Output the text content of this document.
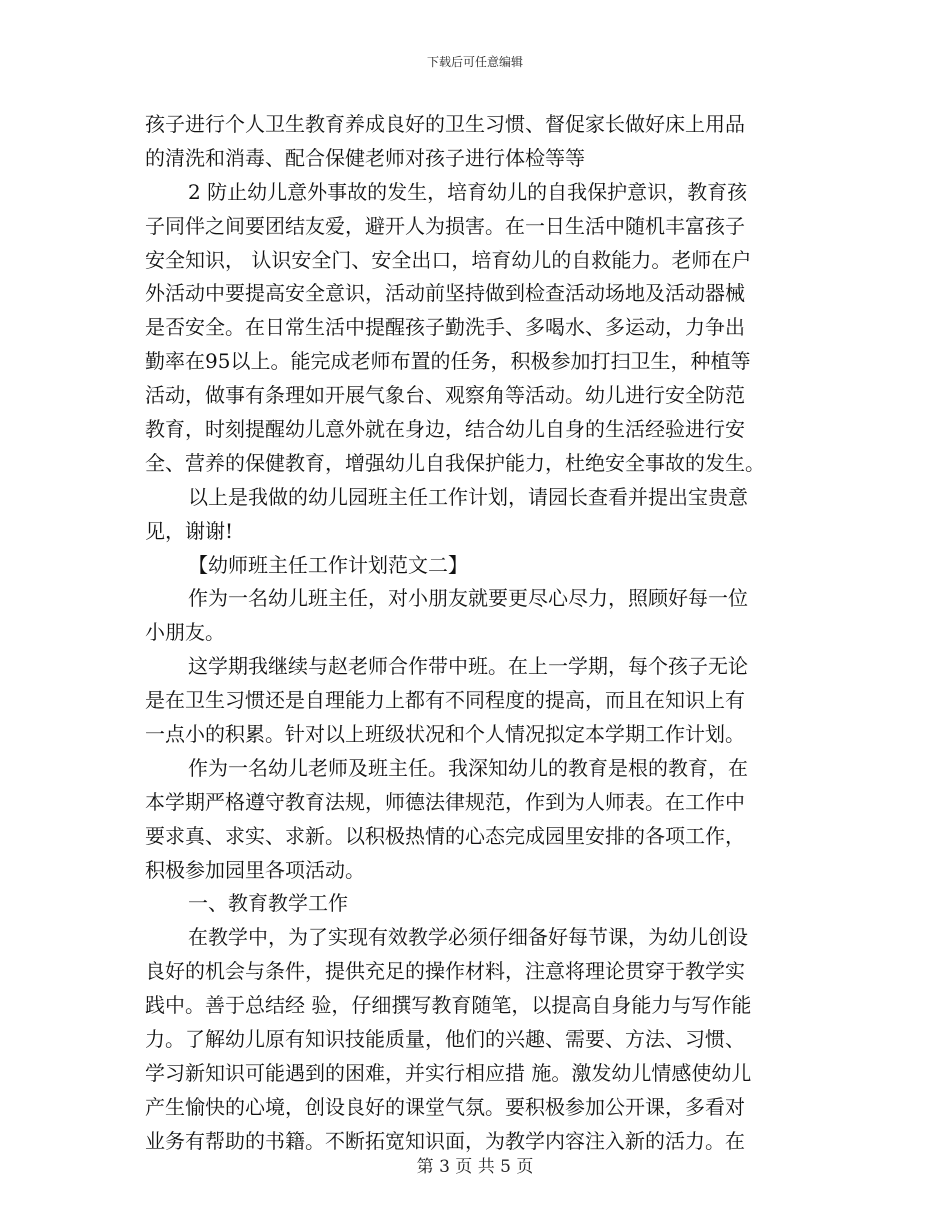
下载后可任意编辑
孩子进行个人卫生教育养成良好的卫生习惯、督促家长做好床上用品
的清洗和消毒、配合保健老师对孩子进行体检等等
2 防止幼儿意外事故的发生，培育幼儿的自我保护意识，教育孩
子同伴之间要团结友爱，避开人为损害。在一日生活中随机丰富孩子
安全知识， 认识安全门、安全出口，培育幼儿的自救能力。老师在户
外活动中要提高安全意识，活动前坚持做到检查活动场地及活动器械
是否安全。在日常生活中提醒孩子勤洗手、多喝水、多运动，力争出
勤率在95以上。能完成老师布置的任务，积极参加打扫卫生，种植等
活动，做事有条理如开展气象台、观察角等活动。幼儿进行安全防范
教育，时刻提醒幼儿意外就在身边，结合幼儿自身的生活经验进行安
全、营养的保健教育，增强幼儿自我保护能力，杜绝安全事故的发生。
以上是我做的幼儿园班主任工作计划，请园长查看并提出宝贵意
见，谢谢!
【幼师班主任工作计划范文二】
作为一名幼儿班主任，对小朋友就要更尽心尽力，照顾好每一位
小朋友。
这学期我继续与赵老师合作带中班。在上一学期，每个孩子无论
是在卫生习惯还是自理能力上都有不同程度的提高，而且在知识上有
一点小的积累。针对以上班级状况和个人情况拟定本学期工作计划。
作为一名幼儿老师及班主任。我深知幼儿的教育是根的教育，在
本学期严格遵守教育法规，师德法律规范，作到为人师表。在工作中
要求真、求实、求新。以积极热情的心态完成园里安排的各项工作，
积极参加园里各项活动。
一、教育教学工作
在教学中，为了实现有效教学必须仔细备好每节课，为幼儿创设
良好的机会与条件，提供充足的操作材料，注意将理论贯穿于教学实
践中。善于总结经 验，仔细撰写教育随笔，以提高自身能力与写作能
力。了解幼儿原有知识技能质量，他们的兴趣、需要、方法、习惯、
学习新知识可能遇到的困难，并实行相应措 施。激发幼儿情感使幼儿
产生愉快的心境，创设良好的课堂气氛。要积极参加公开课，多看对
业务有帮助的书籍。不断拓宽知识面，为教学内容注入新的活力。在
第 3 页 共 5 页
